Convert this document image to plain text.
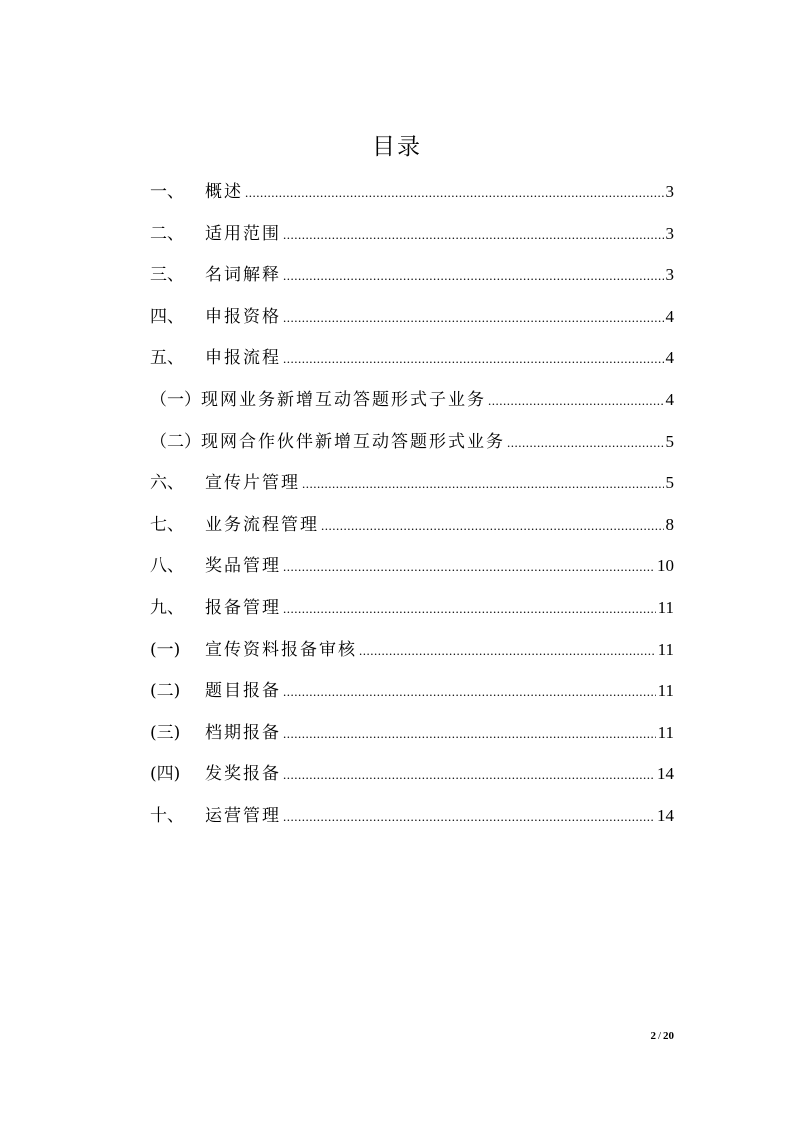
目录
一、	概述 .....	3
二、	适用范围 .....	3
三、	名词解释 .....	3
四、	申报资格 .....	4
五、	申报流程 .....	4
（一） 现网业务新增互动答题形式子业务 .....	4
（二） 现网合作伙伴新增互动答题形式业务 .....	5
六、	宣传片管理 .....	5
七、	业务流程管理 .....	8
八、	奖品管理 .....	10
九、	报备管理 .....	11
(一)	宣传资料报备审核 .....	11
(二)	题目报备 .....	11
(三)	档期报备 .....	11
(四)	发奖报备 .....	14
十、	运营管理 .....	14
2 / 20
